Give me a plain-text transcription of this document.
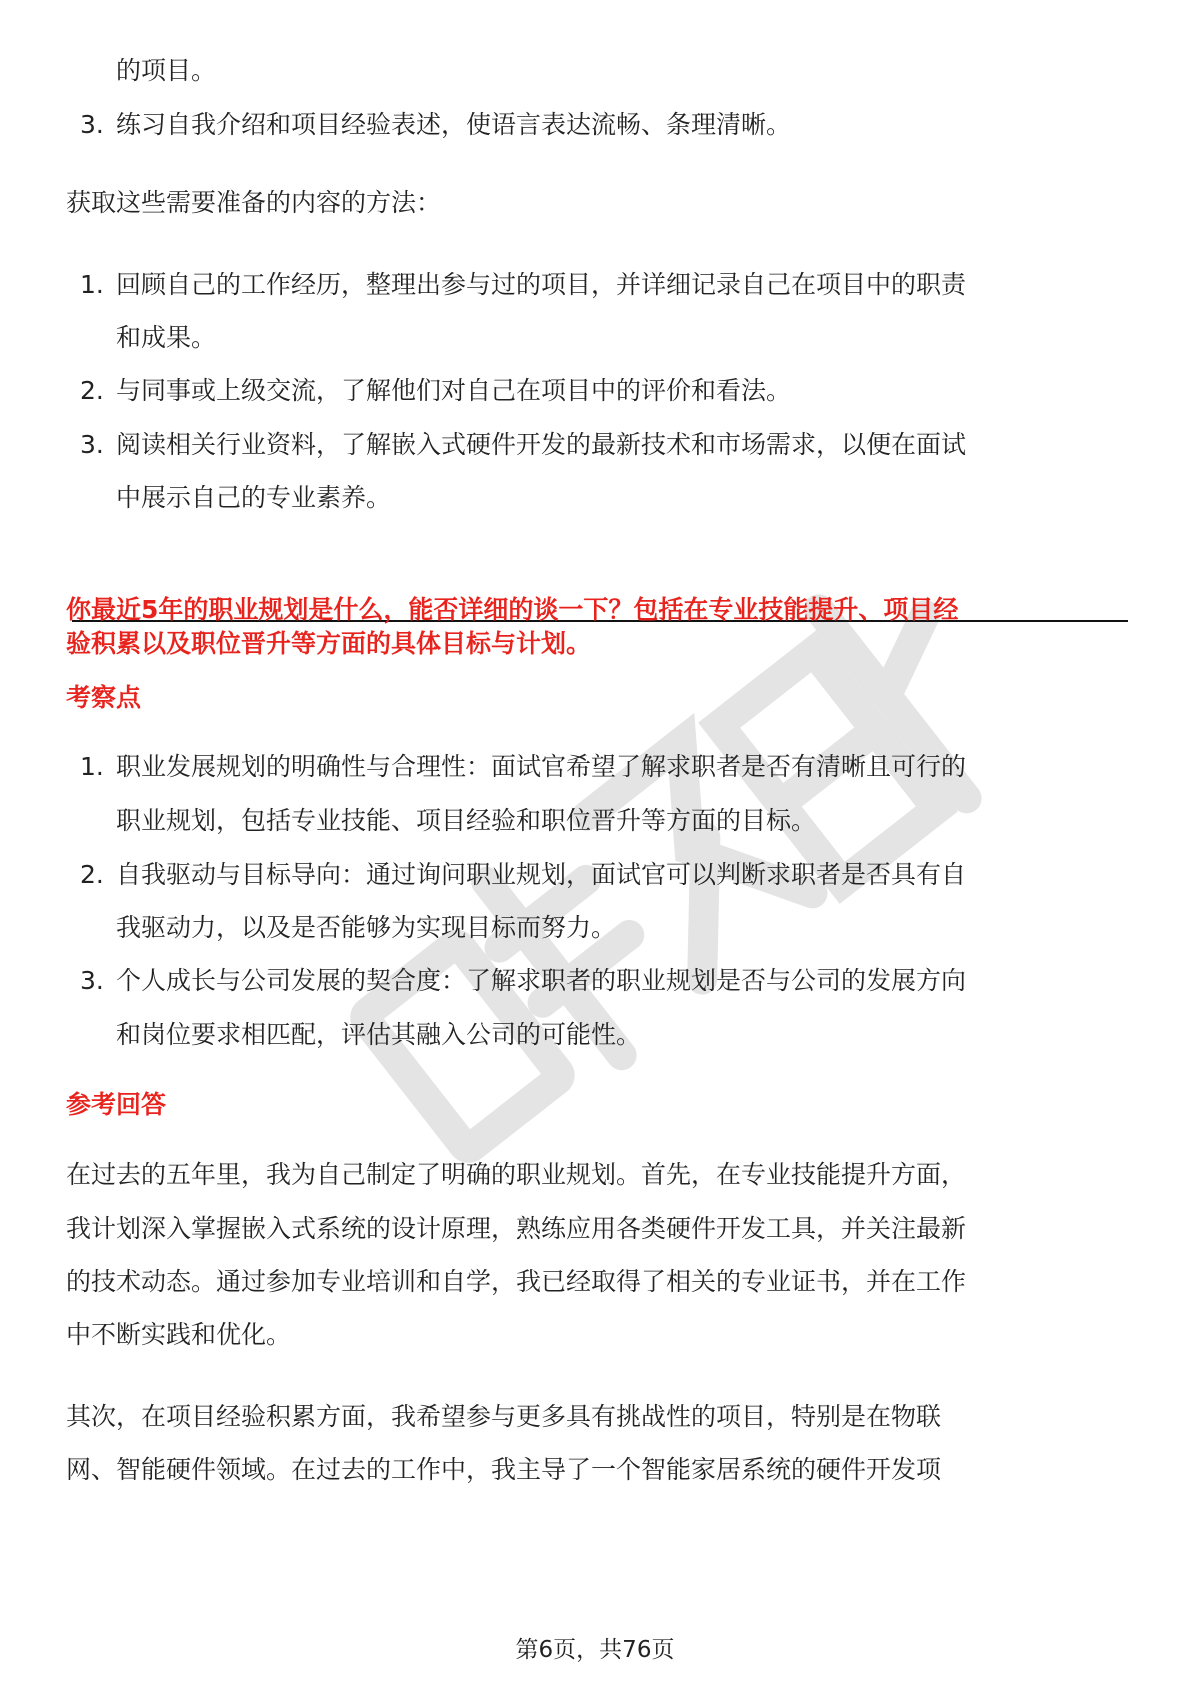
的项目。
3. 练习自我介绍和项目经验表述，使语言表达流畅、条理清晰。
获取这些需要准备的内容的方法：
1. 回顾自己的工作经历，整理出参与过的项目，并详细记录自己在项目中的职责
和成果。
2. 与同事或上级交流，了解他们对自己在项目中的评价和看法。
3. 阅读相关行业资料，了解嵌入式硬件开发的最新技术和市场需求，以便在面试
中展示自己的专业素养。
你最近5年的职业规划是什么，能否详细的谈一下？包括在专业技能提升、项目经
验积累以及职位晋升等方面的具体目标与计划。
考察点
1. 职业发展规划的明确性与合理性：面试官希望了解求职者是否有清晰且可行的
职业规划，包括专业技能、项目经验和职位晋升等方面的目标。
2. 自我驱动与目标导向：通过询问职业规划，面试官可以判断求职者是否具有自
我驱动力，以及是否能够为实现目标而努力。
3. 个人成长与公司发展的契合度：了解求职者的职业规划是否与公司的发展方向
和岗位要求相匹配，评估其融入公司的可能性。
参考回答
在过去的五年里，我为自己制定了明确的职业规划。首先，在专业技能提升方面，
我计划深入掌握嵌入式系统的设计原理，熟练应用各类硬件开发工具，并关注最新
的技术动态。通过参加专业培训和自学，我已经取得了相关的专业证书，并在工作
中不断实践和优化。
其次，在项目经验积累方面，我希望参与更多具有挑战性的项目，特别是在物联
网、智能硬件领域。在过去的工作中，我主导了一个智能家居系统的硬件开发项
第6页，共76页
